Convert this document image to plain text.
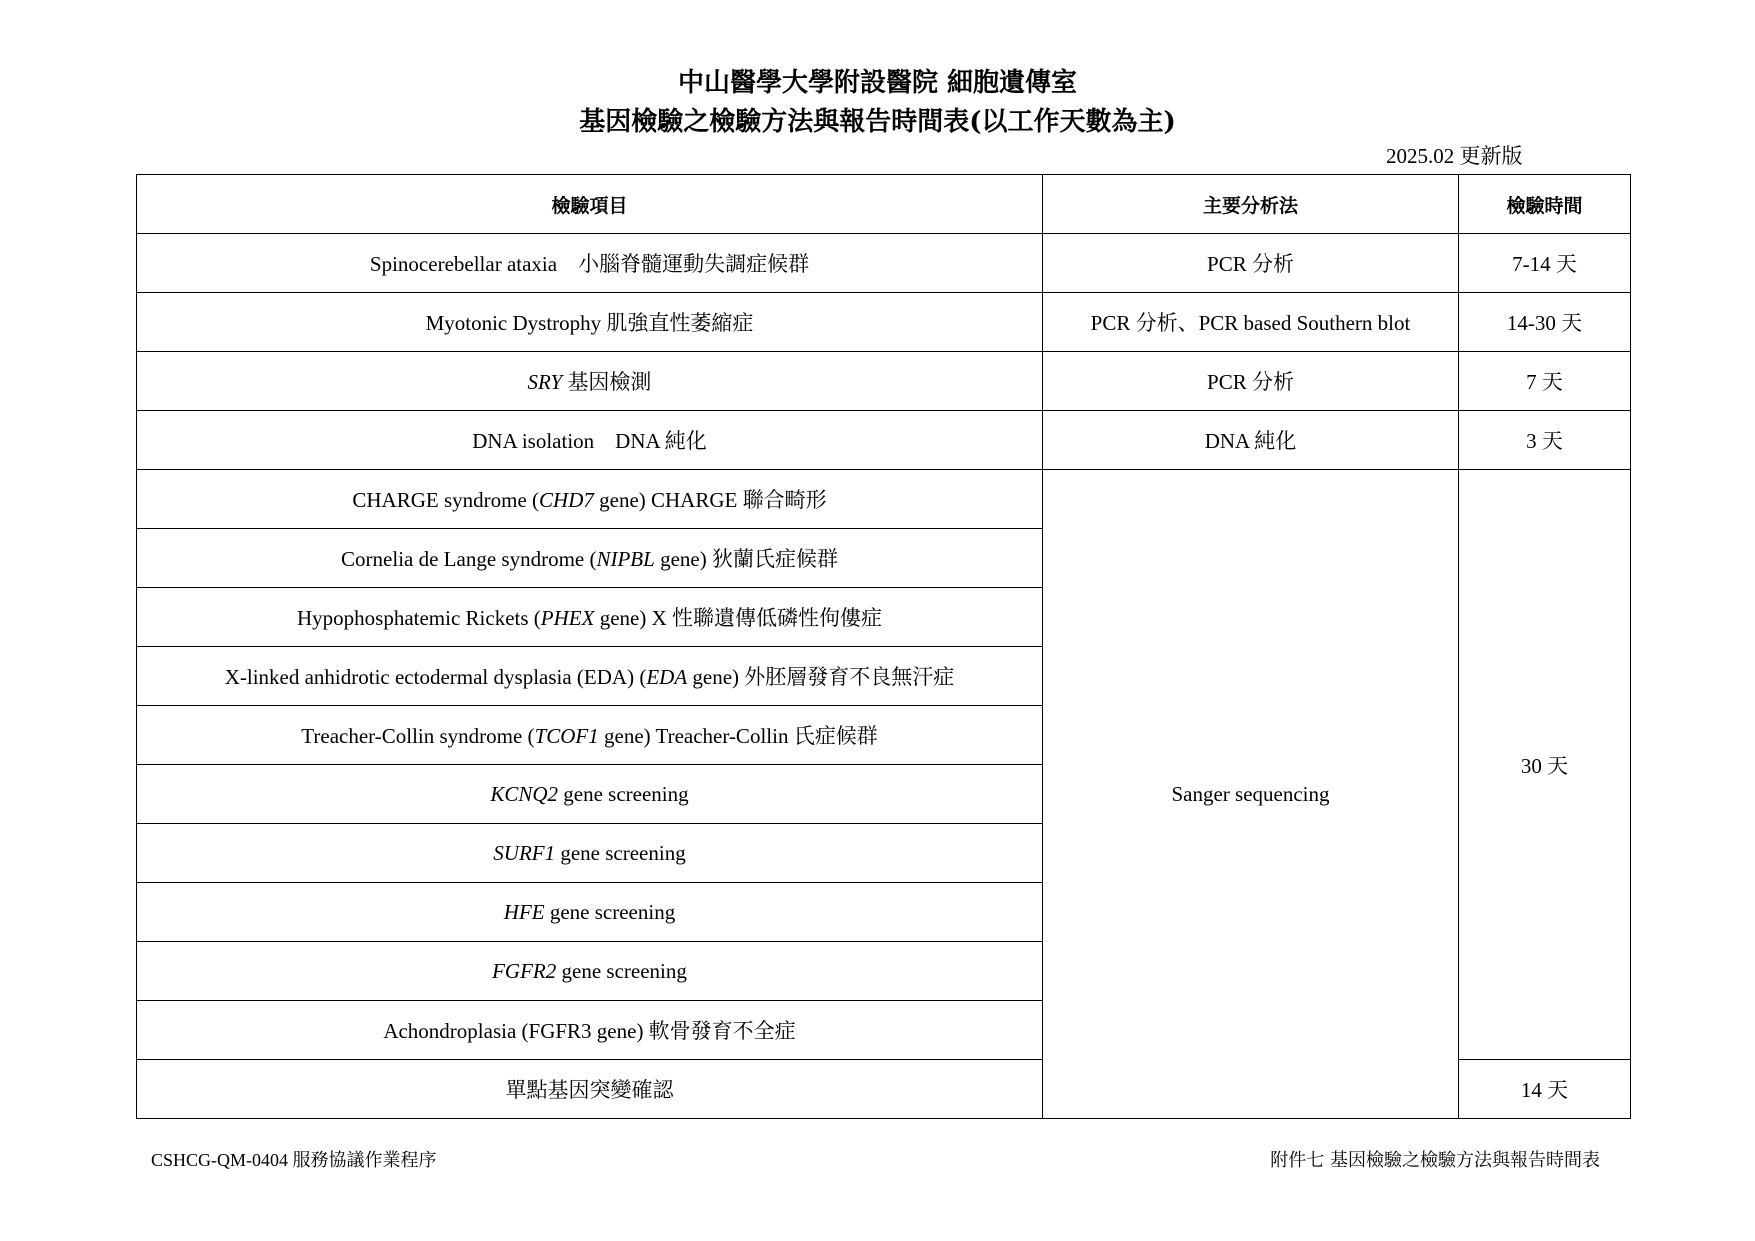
中山醫學大學附設醫院 細胞遺傳室
基因檢驗之檢驗方法與報告時間表(以工作天數為主)
2025.02 更新版
檢驗項目	主要分析法	檢驗時間
Spinocerebellar ataxia　小腦脊髓運動失調症候群	PCR 分析	7-14 天
Myotonic Dystrophy 肌強直性萎縮症	PCR 分析、PCR based Southern blot	14-30 天
SRY 基因檢測	PCR 分析	7 天
DNA isolation　DNA 純化	DNA 純化	3 天
CHARGE syndrome (CHD7 gene) CHARGE 聯合畸形	Sanger sequencing	30 天
Cornelia de Lange syndrome (NIPBL gene) 狄蘭氏症候群		
Hypophosphatemic Rickets (PHEX gene) X 性聯遺傳低磷性佝僂症		
X-linked anhidrotic ectodermal dysplasia (EDA) (EDA gene) 外胚層發育不良無汗症		
Treacher-Collin syndrome (TCOF1 gene) Treacher-Collin 氏症候群		
KCNQ2 gene screening		
SURF1 gene screening		
HFE gene screening		
FGFR2 gene screening		
Achondroplasia (FGFR3 gene) 軟骨發育不全症		
單點基因突變確認		14 天
CSHCG-QM-0404 服務協議作業程序	附件七 基因檢驗之檢驗方法與報告時間表
